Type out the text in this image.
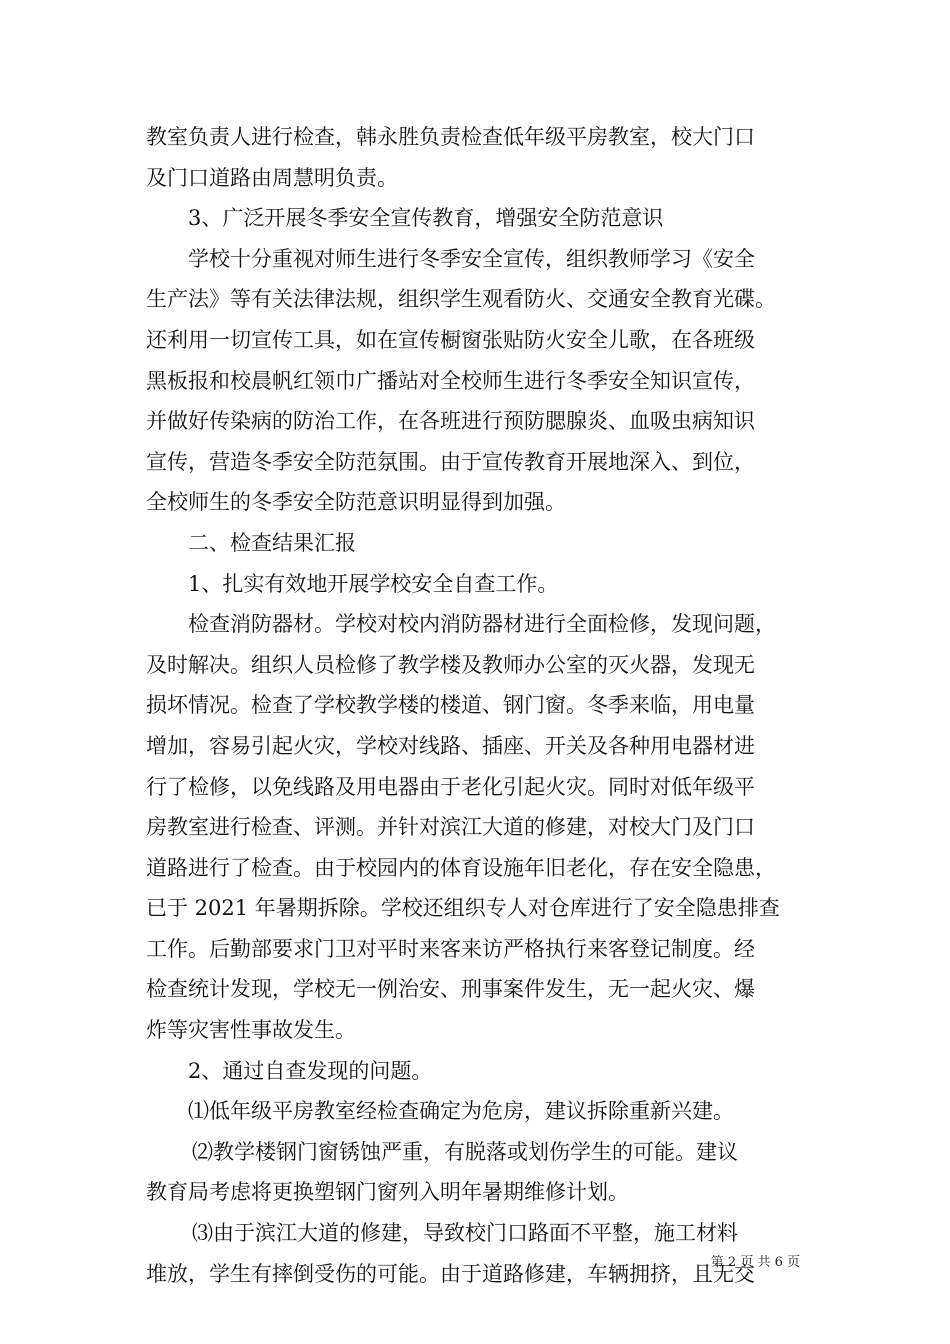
教室负责人进行检查，韩永胜负责检查低年级平房教室，校大门口
及门口道路由周慧明负责。
3、广泛开展冬季安全宣传教育，增强安全防范意识
学校十分重视对师生进行冬季安全宣传，组织教师学习《安全
生产法》等有关法律法规，组织学生观看防火、交通安全教育光碟。
还利用一切宣传工具，如在宣传橱窗张贴防火安全儿歌，在各班级
黑板报和校晨帆红领巾广播站对全校师生进行冬季安全知识宣传，
并做好传染病的防治工作，在各班进行预防腮腺炎、血吸虫病知识
宣传，营造冬季安全防范氛围。由于宣传教育开展地深入、到位，
全校师生的冬季安全防范意识明显得到加强。
二、检查结果汇报
1、扎实有效地开展学校安全自查工作。
检查消防器材。学校对校内消防器材进行全面检修，发现问题，
及时解决。组织人员检修了教学楼及教师办公室的灭火器，发现无
损坏情况。检查了学校教学楼的楼道、钢门窗。冬季来临，用电量
增加，容易引起火灾，学校对线路、插座、开关及各种用电器材进
行了检修，以免线路及用电器由于老化引起火灾。同时对低年级平
房教室进行检查、评测。并针对滨江大道的修建，对校大门及门口
道路进行了检查。由于校园内的体育设施年旧老化，存在安全隐患，
已于 2021 年暑期拆除。学校还组织专人对仓库进行了安全隐患排查
工作。后勤部要求门卫对平时来客来访严格执行来客登记制度。经
检查统计发现，学校无一例治安、刑事案件发生，无一起火灾、爆
炸等灾害性事故发生。
2、通过自查发现的问题。
⑴低年级平房教室经检查确定为危房，建议拆除重新兴建。
⑵教学楼钢门窗锈蚀严重，有脱落或划伤学生的可能。建议
教育局考虑将更换塑钢门窗列入明年暑期维修计划。
⑶由于滨江大道的修建，导致校门口路面不平整，施工材料
堆放，学生有摔倒受伤的可能。由于道路修建，车辆拥挤，且无交
第 2 页 共 6 页
